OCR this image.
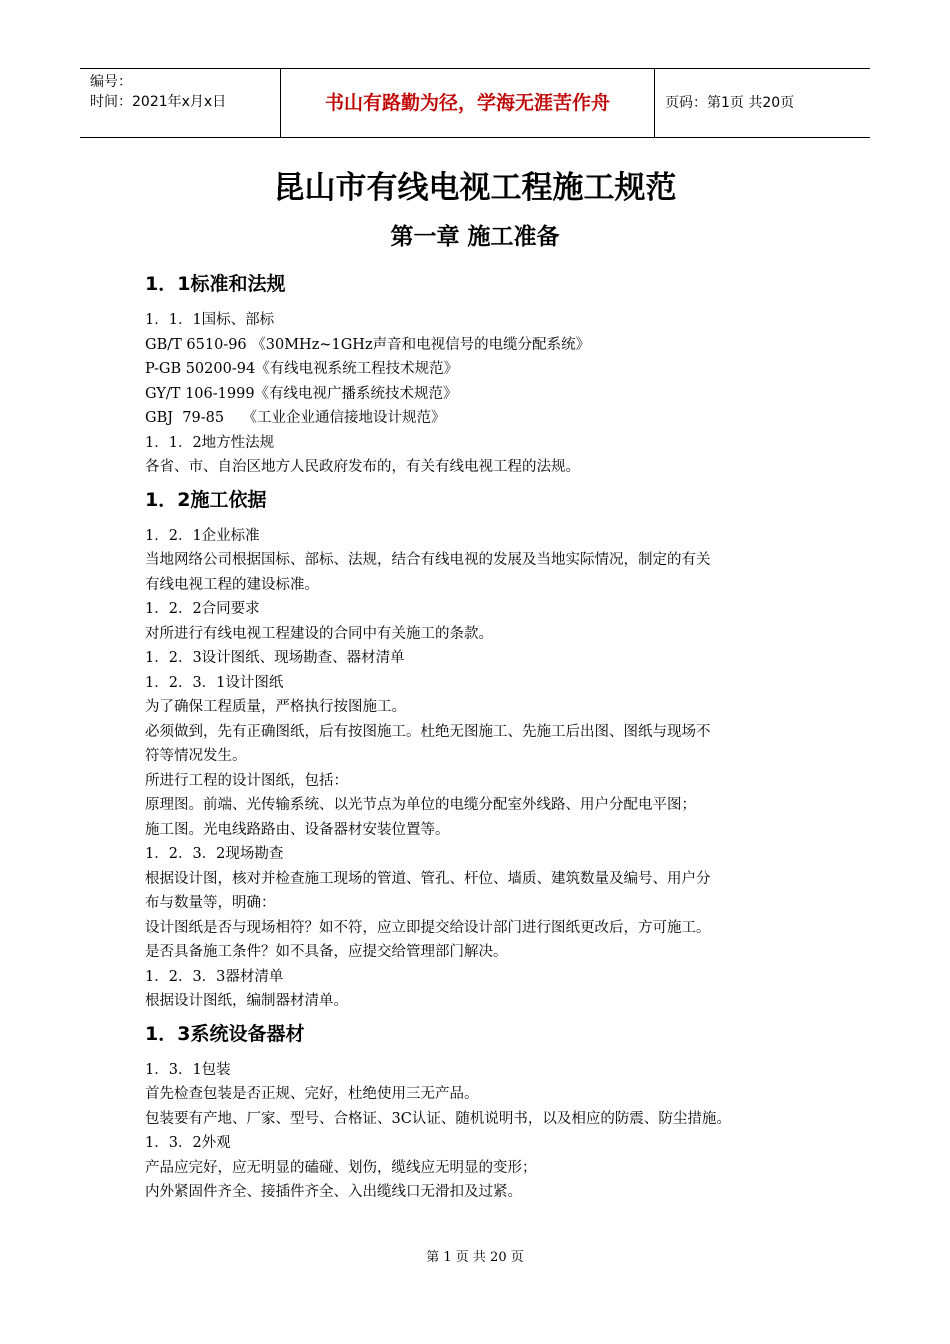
编号：
时间：2021年x月x日	书山有路勤为径，学海无涯苦作舟	页码：第1页 共20页
昆山市有线电视工程施工规范
第一章 施工准备
1．1标准和法规
1．1．1国标、部标
GB/T 6510-96 《30MHz~1GHz声音和电视信号的电缆分配系统》
P-GB 50200-94《有线电视系统工程技术规范》
GY/T 106-1999《有线电视广播系统技术规范》
GBJ  79-85    《工业企业通信接地设计规范》
1．1．2地方性法规
各省、市、自治区地方人民政府发布的，有关有线电视工程的法规。
1．2施工依据
1．2．1企业标准
当地网络公司根据国标、部标、法规，结合有线电视的发展及当地实际情况，制定的有关
有线电视工程的建设标准。
1．2．2合同要求
对所进行有线电视工程建设的合同中有关施工的条款。
1．2．3设计图纸、现场勘查、器材清单
1．2．3．1设计图纸
为了确保工程质量，严格执行按图施工。
必须做到，先有正确图纸，后有按图施工。杜绝无图施工、先施工后出图、图纸与现场不
符等情况发生。
所进行工程的设计图纸，包括：
原理图。前端、光传输系统、以光节点为单位的电缆分配室外线路、用户分配电平图；
施工图。光电线路路由、设备器材安装位置等。
1．2．3．2现场勘查
根据设计图，核对并检查施工现场的管道、管孔、杆位、墙质、建筑数量及编号、用户分
布与数量等，明确：
设计图纸是否与现场相符？如不符，应立即提交给设计部门进行图纸更改后，方可施工。
是否具备施工条件？如不具备，应提交给管理部门解决。
1．2．3．3器材清单
根据设计图纸，编制器材清单。
1．3系统设备器材
1．3．1包装
首先检查包装是否正规、完好，杜绝使用三无产品。
包装要有产地、厂家、型号、合格证、3C认证、随机说明书，以及相应的防震、防尘措施。
1．3．2外观
产品应完好，应无明显的磕碰、划伤，缆线应无明显的变形；
内外紧固件齐全、接插件齐全、入出缆线口无滑扣及过紧。
第 1 页 共 20 页
